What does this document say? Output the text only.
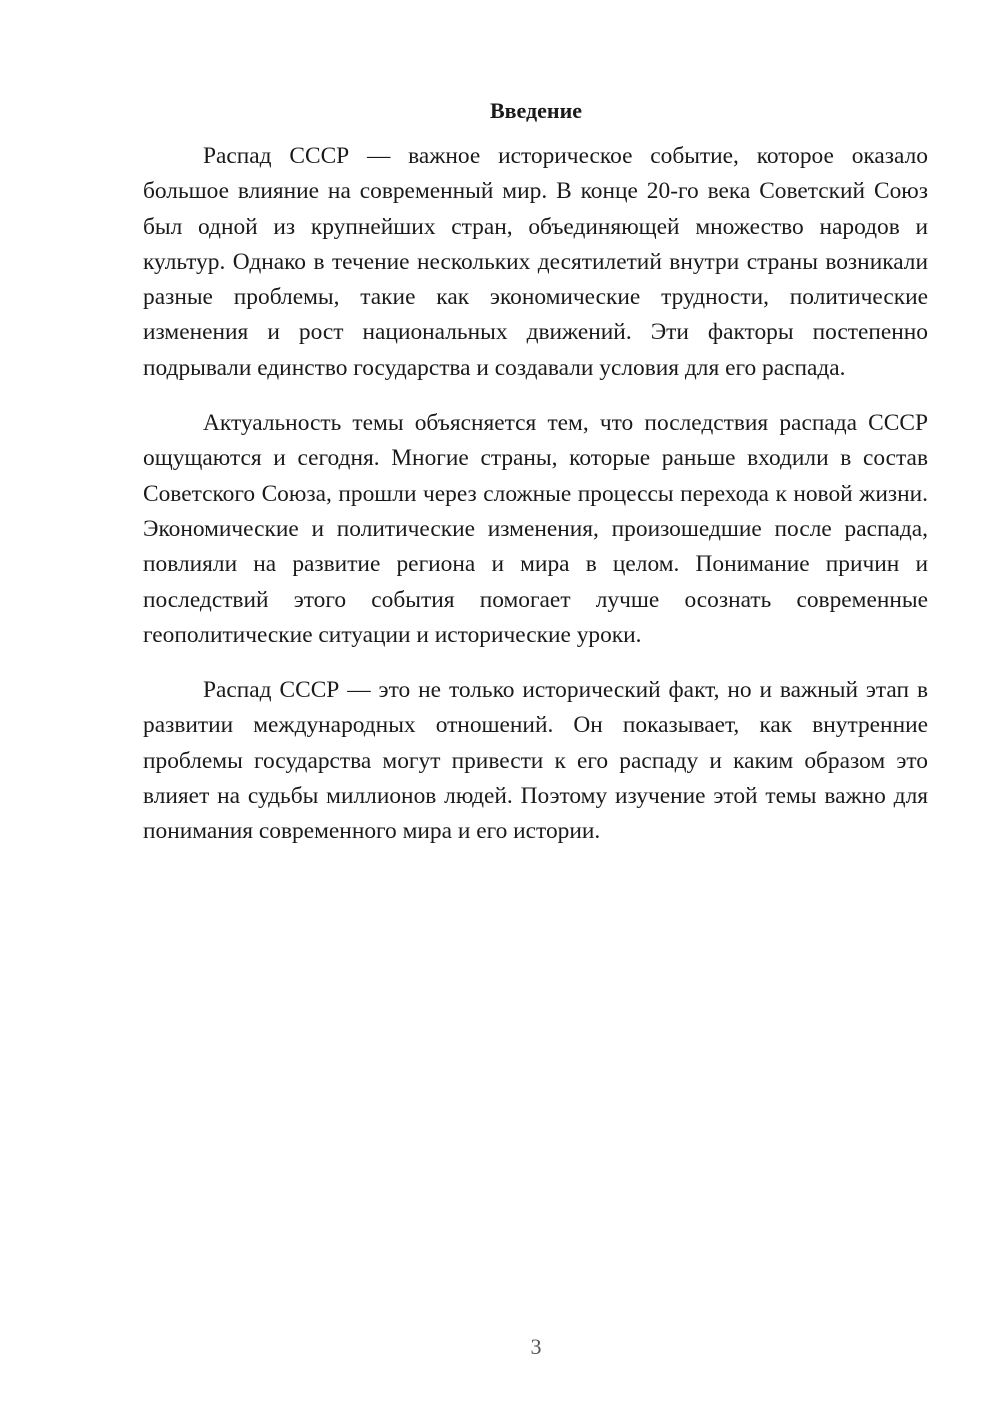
Введение

Распад СССР — важное историческое событие, которое оказало большое влияние на современный мир. В конце 20-го века Советский Союз был одной из крупнейших стран, объединяющей множество народов и культур. Однако в течение нескольких десятилетий внутри страны возникали разные проблемы, такие как экономические трудности, политические изменения и рост национальных движений. Эти факторы постепенно подрывали единство государства и создавали условия для его распада.

Актуальность темы объясняется тем, что последствия распада СССР ощущаются и сегодня. Многие страны, которые раньше входили в состав Советского Союза, прошли через сложные процессы перехода к новой жизни. Экономические и политические изменения, произошедшие после распада, повлияли на развитие региона и мира в целом. Понимание причин и последствий этого события помогает лучше осознать современные геополитические ситуации и исторические уроки.

Распад СССР — это не только исторический факт, но и важный этап в развитии международных отношений. Он показывает, как внутренние проблемы государства могут привести к его распаду и каким образом это влияет на судьбы миллионов людей. Поэтому изучение этой темы важно для понимания современного мира и его истории.

3
